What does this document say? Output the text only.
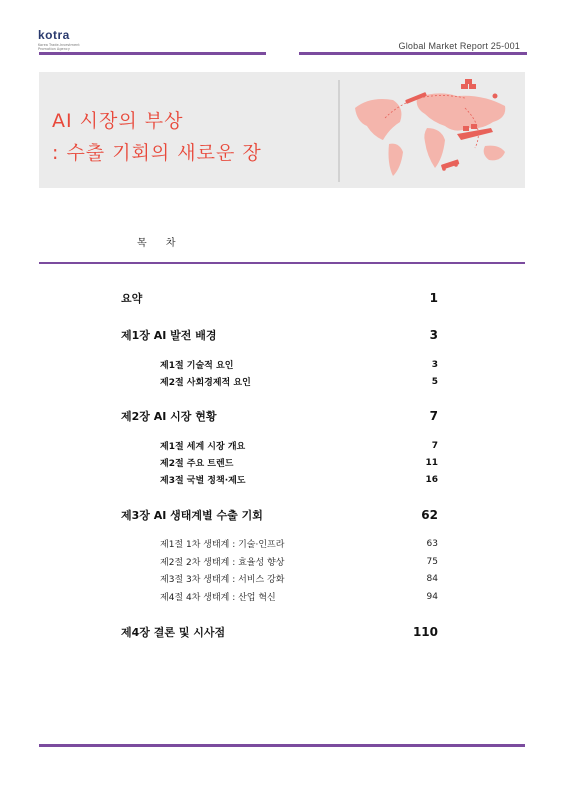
kotra
Korea Trade-Investment Promotion Agency	Global Market Report 25-001
AI 시장의 부상
: 수출 기회의 새로운 장
목 차
요약	1
제1장 AI 발전 배경	3
제1절 기술적 요인	3
제2절 사회경제적 요인	5
제2장 AI 시장 현황	7
제1절 세계 시장 개요	7
제2절 주요 트렌드	11
제3절 국별 정책·제도	16
제3장 AI 생태계별 수출 기회	62
제1절 1차 생태계 : 기술·인프라	63
제2절 2차 생태계 : 효율성 향상	75
제3절 3차 생태계 : 서비스 강화	84
제4절 4차 생태계 : 산업 혁신	94
제4장 결론 및 시사점	110
